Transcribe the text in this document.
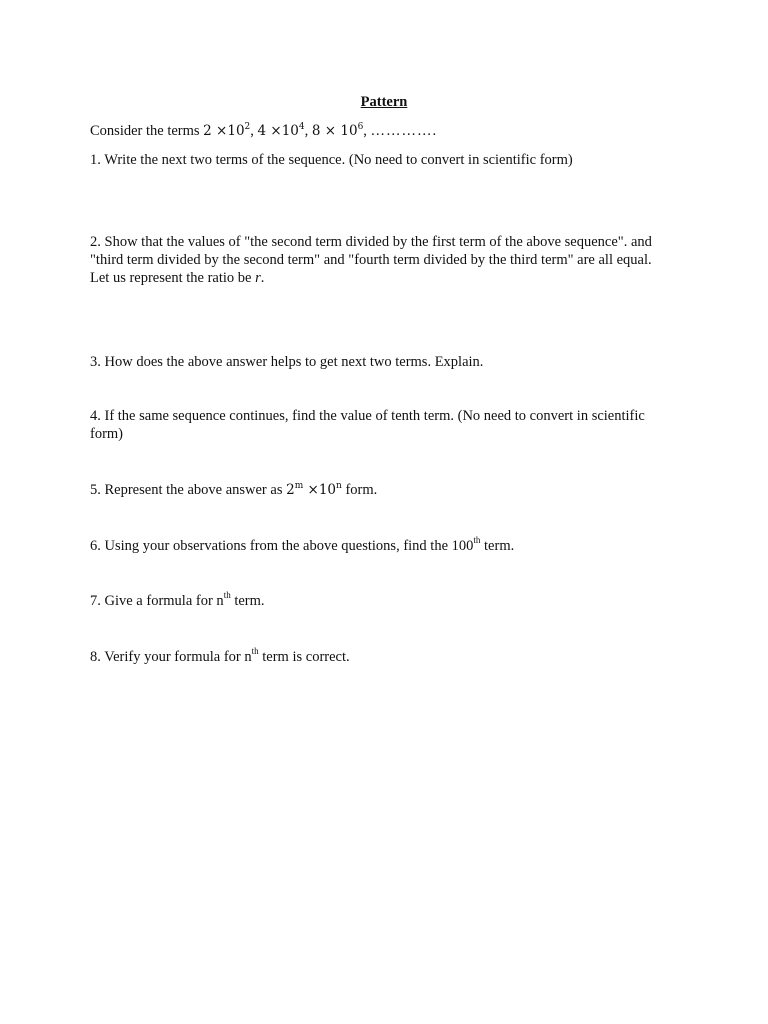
Pattern
Consider the terms $2 \times 10^2$, $4 \times 10^4$, $8 \times 10^6$, ………….
1. Write the next two terms of the sequence. (No need to convert in scientific form)
2. Show that the values of "the second term divided by the first term of the above sequence". and
"third term divided by the second term" and "fourth term divided by the third term" are all equal.
Let us represent the ratio be r.
3. How does the above answer helps to get next two terms. Explain.
4. If the same sequence continues, find the value of tenth term. (No need to convert in scientific
form)
5. Represent the above answer as $2^m \times 10^n$ form.
6. Using your observations from the above questions, find the 100th term.
7. Give a formula for $n^{th}$ term.
8. Verify your formula for $n^{th}$ term is correct.
